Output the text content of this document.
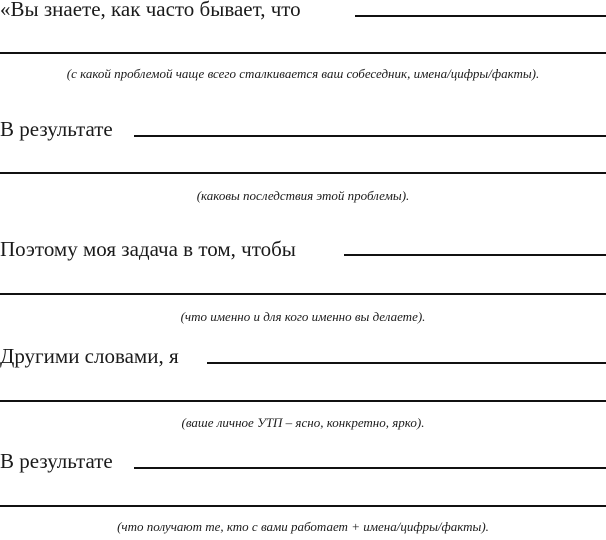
«Вы знаете, как часто бывает, что
(с какой проблемой чаще всего сталкивается ваш собеседник, имена/цифры/факты).
В результате
(каковы последствия этой проблемы).
Поэтому моя задача в том, чтобы
(что именно и для кого именно вы делаете).
Другими словами, я
(ваше личное УТП – ясно, конкретно, ярко).
В результате
(что получают те, кто с вами работает + имена/цифры/факты).
